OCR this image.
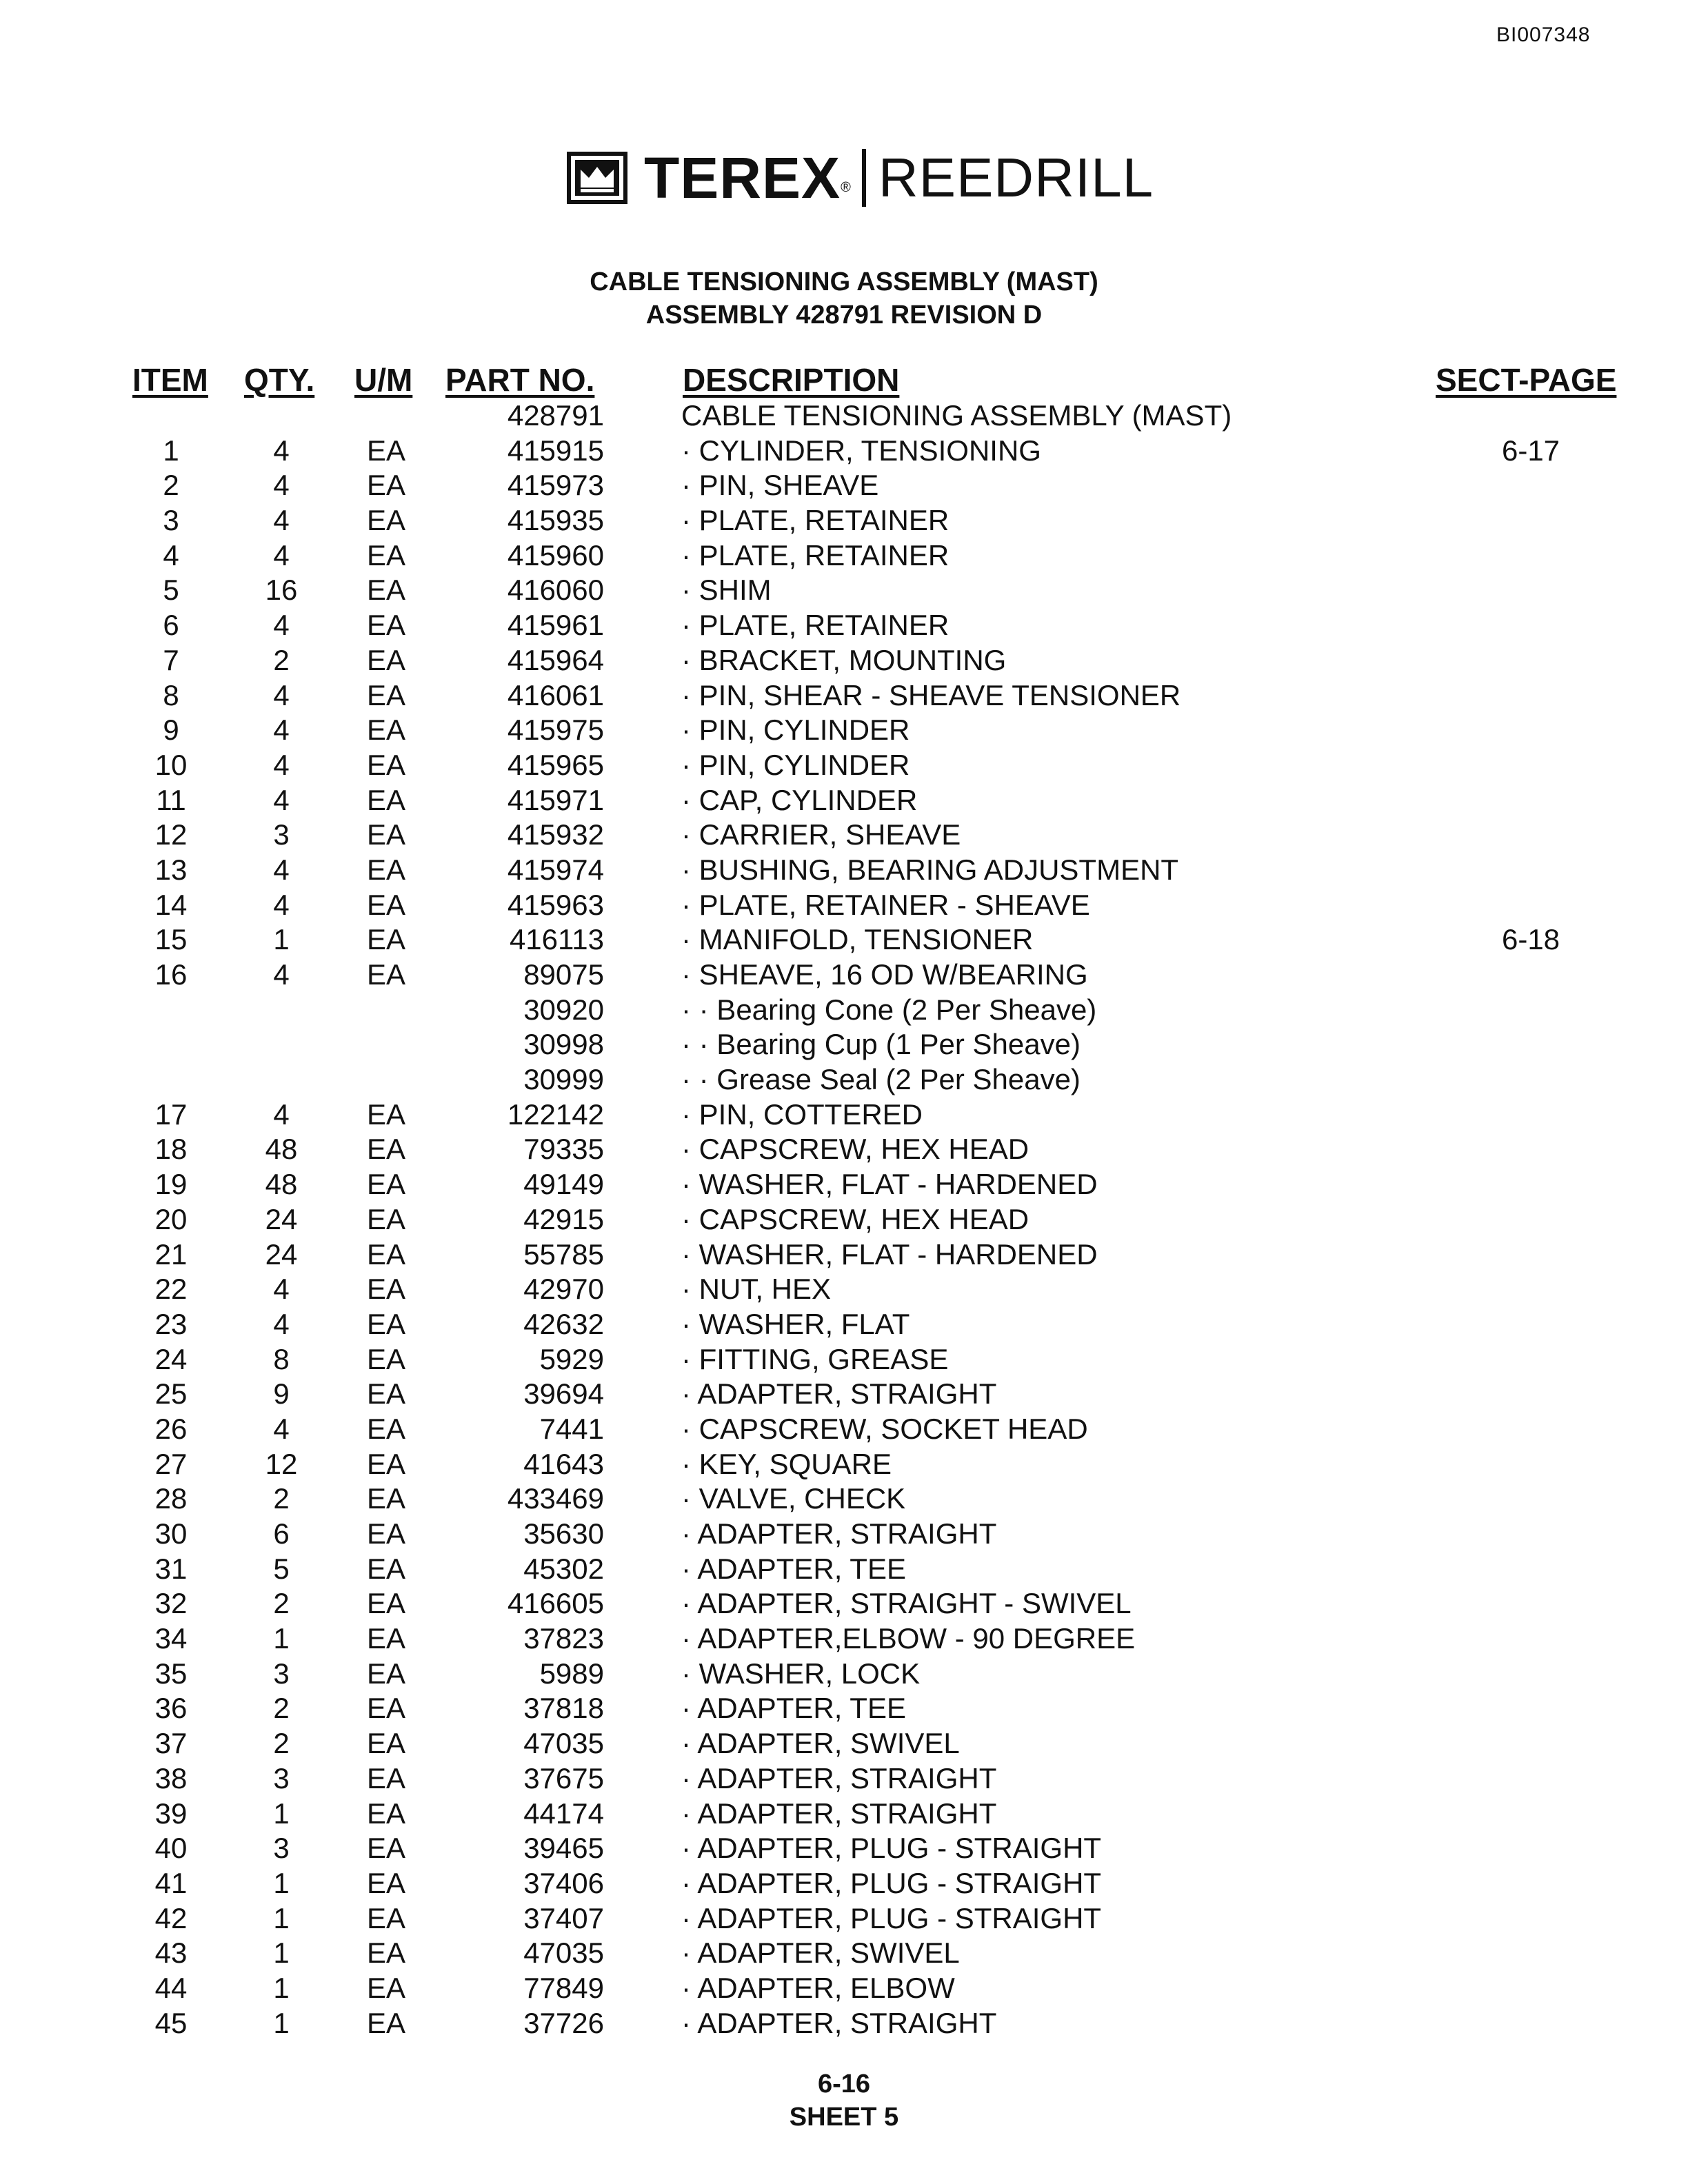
BI007348
TEREX ® REEDRILL
CABLE TENSIONING ASSEMBLY (MAST)
ASSEMBLY 428791 REVISION D
ITEM QTY. U/M PART NO.	DESCRIPTION	SECT-PAGE
428791	CABLE TENSIONING ASSEMBLY (MAST)
1	4	EA	415915	· CYLINDER, TENSIONING	6-17
2	4	EA	415973	· PIN, SHEAVE
3	4	EA	415935	· PLATE, RETAINER
4	4	EA	415960	· PLATE, RETAINER
5	16	EA	416060	· SHIM
6	4	EA	415961	· PLATE, RETAINER
7	2	EA	415964	· BRACKET, MOUNTING
8	4	EA	416061	· PIN, SHEAR - SHEAVE TENSIONER
9	4	EA	415975	· PIN, CYLINDER
10	4	EA	415965	· PIN, CYLINDER
11	4	EA	415971	· CAP, CYLINDER
12	3	EA	415932	· CARRIER, SHEAVE
13	4	EA	415974	· BUSHING, BEARING ADJUSTMENT
14	4	EA	415963	· PLATE, RETAINER - SHEAVE
15	1	EA	416113	· MANIFOLD, TENSIONER	6-18
16	4	EA	89075	· SHEAVE, 16 OD W/BEARING
30920	· · Bearing Cone (2 Per Sheave)
30998	· · Bearing Cup (1 Per Sheave)
30999	· · Grease Seal (2 Per Sheave)
17	4	EA	122142	· PIN, COTTERED
18	48	EA	79335	· CAPSCREW, HEX HEAD
19	48	EA	49149	· WASHER, FLAT - HARDENED
20	24	EA	42915	· CAPSCREW, HEX HEAD
21	24	EA	55785	· WASHER, FLAT - HARDENED
22	4	EA	42970	· NUT, HEX
23	4	EA	42632	· WASHER, FLAT
24	8	EA	5929	· FITTING, GREASE
25	9	EA	39694	· ADAPTER, STRAIGHT
26	4	EA	7441	· CAPSCREW, SOCKET HEAD
27	12	EA	41643	· KEY, SQUARE
28	2	EA	433469	· VALVE, CHECK
30	6	EA	35630	· ADAPTER, STRAIGHT
31	5	EA	45302	· ADAPTER, TEE
32	2	EA	416605	· ADAPTER, STRAIGHT - SWIVEL
34	1	EA	37823	· ADAPTER,ELBOW - 90 DEGREE
35	3	EA	5989	· WASHER, LOCK
36	2	EA	37818	· ADAPTER, TEE
37	2	EA	47035	· ADAPTER, SWIVEL
38	3	EA	37675	· ADAPTER, STRAIGHT
39	1	EA	44174	· ADAPTER, STRAIGHT
40	3	EA	39465	· ADAPTER, PLUG - STRAIGHT
41	1	EA	37406	· ADAPTER, PLUG - STRAIGHT
42	1	EA	37407	· ADAPTER, PLUG - STRAIGHT
43	1	EA	47035	· ADAPTER, SWIVEL
44	1	EA	77849	· ADAPTER, ELBOW
45	1	EA	37726	· ADAPTER, STRAIGHT
6-16
SHEET 5
